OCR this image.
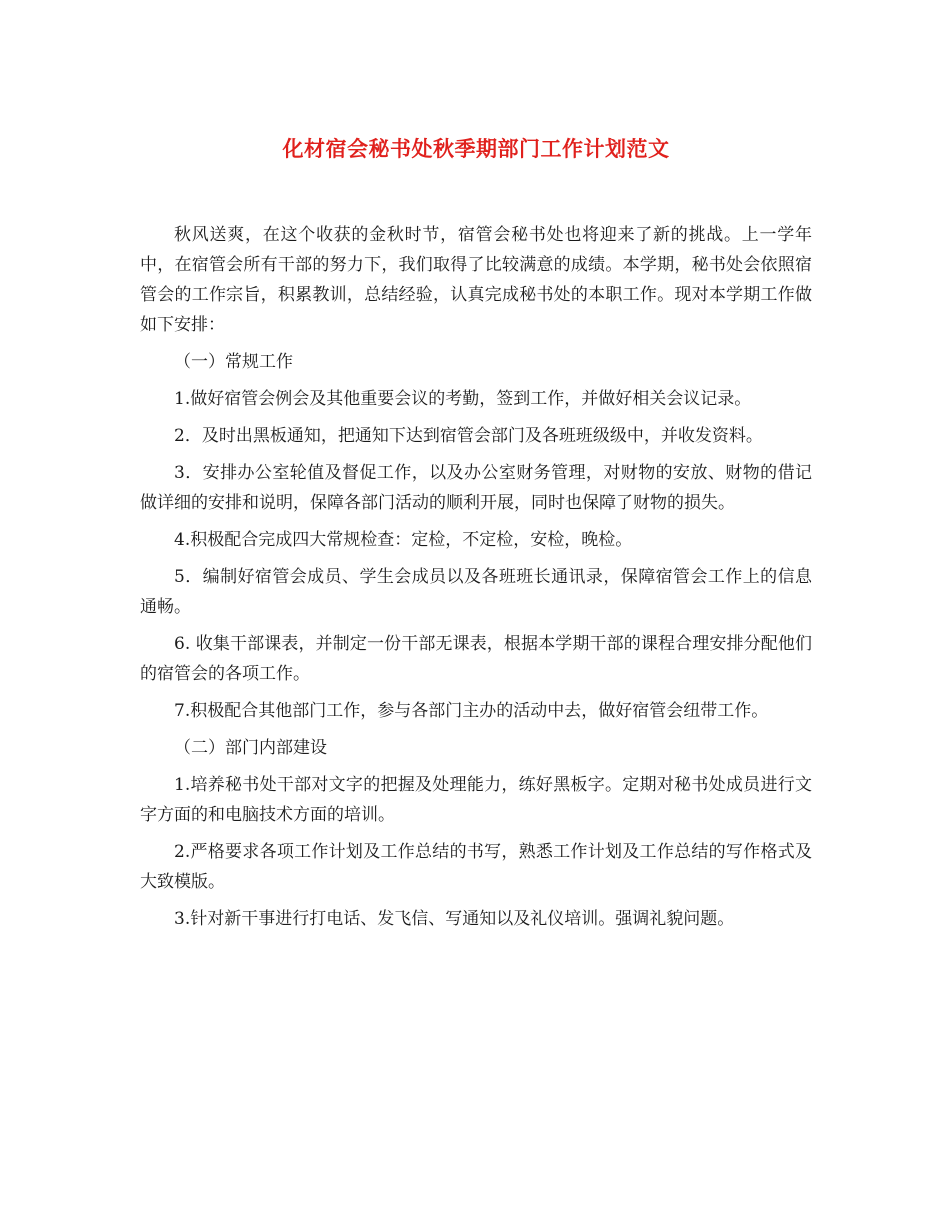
化材宿会秘书处秋季期部门工作计划范文

秋风送爽，在这个收获的金秋时节，宿管会秘书处也将迎来了新的挑战。上一学年中，在宿管会所有干部的努力下，我们取得了比较满意的成绩。本学期，秘书处会依照宿管会的工作宗旨，积累教训，总结经验，认真完成秘书处的本职工作。现对本学期工作做如下安排：

（一）常规工作

1.做好宿管会例会及其他重要会议的考勤，签到工作，并做好相关会议记录。

2．及时出黑板通知，把通知下达到宿管会部门及各班班级级中，并收发资料。

3．安排办公室轮值及督促工作，以及办公室财务管理，对财物的安放、财物的借记做详细的安排和说明，保障各部门活动的顺利开展，同时也保障了财物的损失。

4.积极配合完成四大常规检查：定检，不定检，安检，晚检。

5．编制好宿管会成员、学生会成员以及各班班长通讯录，保障宿管会工作上的信息通畅。

6. 收集干部课表，并制定一份干部无课表，根据本学期干部的课程合理安排分配他们的宿管会的各项工作。

7.积极配合其他部门工作，参与各部门主办的活动中去，做好宿管会纽带工作。

（二）部门内部建设

1.培养秘书处干部对文字的把握及处理能力，练好黑板字。定期对秘书处成员进行文字方面的和电脑技术方面的培训。

2.严格要求各项工作计划及工作总结的书写，熟悉工作计划及工作总结的写作格式及大致模版。

3.针对新干事进行打电话、发飞信、写通知以及礼仪培训。强调礼貌问题。
